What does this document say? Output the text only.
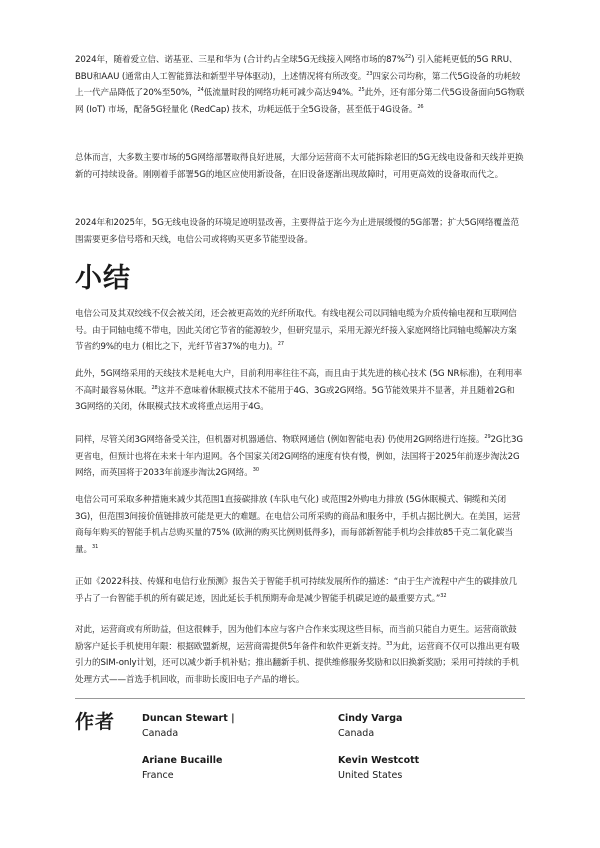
2024年，随着爱立信、诺基亚、三星和华为 (合计约占全球5G无线接入网络市场的87%$^{22}$) 引入能耗更低的5G RRU、BBU和AAU (通常由人工智能算法和新型半导体驱动)，上述情况将有所改变。$^{23}$四家公司均称，第二代5G设备的功耗较上一代产品降低了20%至50%，$^{24}$低流量时段的网络功耗可减少高达94%。$^{25}$此外，还有部分第二代5G设备面向5G物联网 (IoT) 市场，配备5G轻量化 (RedCap) 技术，功耗远低于全5G设备，甚至低于4G设备。$^{26}$

总体而言，大多数主要市场的5G网络部署取得良好进展，大部分运营商不太可能拆除老旧的5G无线电设备和天线并更换新的可持续设备。刚刚着手部署5G的地区应使用新设备，在旧设备逐渐出现故障时，可用更高效的设备取而代之。

2024年和2025年，5G无线电设备的环境足迹明显改善，主要得益于迄今为止进展缓慢的5G部署；扩大5G网络覆盖范围需要更多信号塔和天线，电信公司或将购买更多节能型设备。

小结

电信公司及其双绞线不仅会被关闭，还会被更高效的光纤所取代。有线电视公司以同轴电缆为介质传输电视和互联网信号。由于同轴电缆不带电，因此关闭它节省的能源较少，但研究显示，采用无源光纤接入家庭网络比同轴电缆解决方案节省约9%的电力 (相比之下，光纤节省37%的电力)。$^{27}$

此外，5G网络采用的天线技术是耗电大户，目前利用率往往不高，而且由于其先进的核心技术 (5G NR标准)，在利用率不高时最容易休眠。$^{28}$这并不意味着休眠模式技术不能用于4G、3G或2G网络。5G节能效果并不显著，并且随着2G和3G网络的关闭，休眠模式技术或将重点运用于4G。

同样，尽管关闭3G网络备受关注，但机器对机器通信、物联网通信 (例如智能电表) 仍使用2G网络进行连接。$^{29}$2G比3G更省电，但预计也将在未来十年内退网。各个国家关闭2G网络的速度有快有慢，例如，法国将于2025年前逐步淘汰2G网络，而英国将于2033年前逐步淘汰2G网络。$^{30}$

电信公司可采取多种措施来减少其范围1直接碳排放 (车队电气化) 或范围2外购电力排放 (5G休眠模式、铜缆和关闭3G)，但范围3间接价值链排放可能是更大的难题。在电信公司所采购的商品和服务中，手机占据比例大。在美国，运营商每年购买的智能手机占总购买量的75% (欧洲的购买比例则低得多)，而每部新智能手机均会排放85千克二氧化碳当量。$^{31}$

正如《2022科技、传媒和电信行业预测》报告关于智能手机可持续发展所作的描述：“由于生产流程中产生的碳排放几乎占了一台智能手机的所有碳足迹，因此延长手机预期寿命是减少智能手机碳足迹的最重要方式。”$^{32}$

对此，运营商或有所助益，但这很棘手，因为他们本应与客户合作来实现这些目标，而当前只能自力更生。运营商欲鼓励客户延长手机使用年限：根据欧盟新规，运营商需提供5年备件和软件更新支持。$^{33}$为此，运营商不仅可以推出更有吸引力的SIM-only计划，还可以减少新手机补贴；推出翻新手机、提供维修服务奖励和以旧换新奖励；采用可持续的手机处理方式——首选手机回收，而非助长废旧电子产品的增长。

作者	Duncan Stewart |
Canada
Cindy Varga
Canada
Ariane Bucaille
France
Kevin Westcott
United States
